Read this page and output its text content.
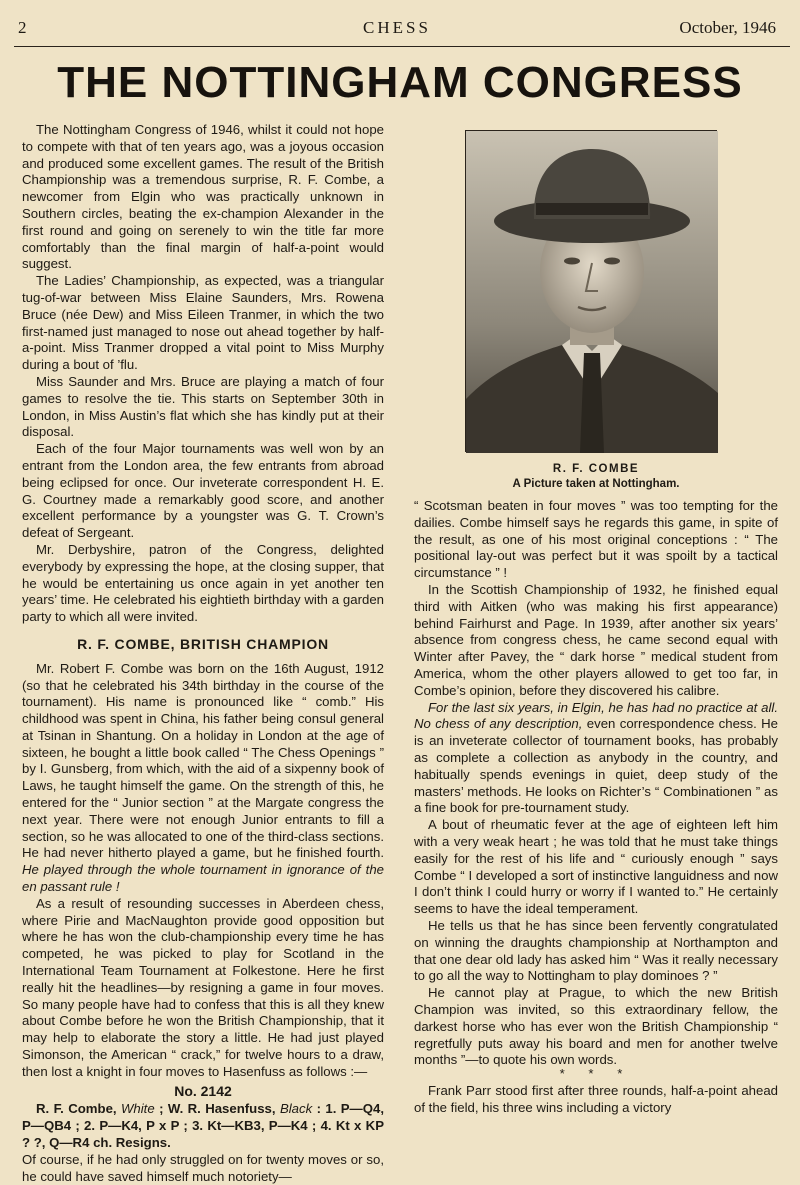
2	CHESS	October, 1946
THE NOTTINGHAM CONGRESS

The Nottingham Congress of 1946, whilst it could not hope to compete with that of ten years ago, was a joyous occasion and produced some excellent games. The result of the British Championship was a tremendous surprise, R. F. Combe, a newcomer from Elgin who was practically unknown in Southern circles, beating the ex-champion Alexander in the first round and going on serenely to win the title far more comfortably than the final margin of half-a-point would suggest.

The Ladies’ Championship, as expected, was a triangular tug-of-war between Miss Elaine Saunders, Mrs. Rowena Bruce (née Dew) and Miss Eileen Tranmer, in which the two first-named just managed to nose out ahead together by half-a-point. Miss Tranmer dropped a vital point to Miss Murphy during a bout of ’flu.

Miss Saunder and Mrs. Bruce are playing a match of four games to resolve the tie. This starts on September 30th in London, in Miss Austin’s flat which she has kindly put at their disposal.

Each of the four Major tournaments was well won by an entrant from the London area, the few entrants from abroad being eclipsed for once. Our inveterate correspondent H. E. G. Courtney made a remarkably good score, and another excellent performance by a youngster was G. T. Crown’s defeat of Sergeant.

Mr. Derbyshire, patron of the Congress, delighted everybody by expressing the hope, at the closing supper, that he would be entertaining us once again in yet another ten years’ time. He celebrated his eightieth birthday with a garden party to which all were invited.

R. F. COMBE, BRITISH CHAMPION

Mr. Robert F. Combe was born on the 16th August, 1912 (so that he celebrated his 34th birthday in the course of the tournament). His name is pronounced like “ comb.” His childhood was spent in China, his father being consul general at Tsinan in Shantung. On a holiday in London at the age of sixteen, he bought a little book called “ The Chess Openings ” by I. Gunsberg, from which, with the aid of a sixpenny book of Laws, he taught himself the game. On the strength of this, he entered for the “ Junior section ” at the Margate congress the next year. There were not enough Junior entrants to fill a section, so he was allocated to one of the third-class sections. He had never hitherto played a game, but he finished fourth. He played through the whole tournament in ignorance of the en passant rule !

As a result of resounding successes in Aberdeen chess, where Pirie and MacNaughton provide good opposition but where he has won the club-championship every time he has competed, he was picked to play for Scotland in the International Team Tournament at Folkestone. Here he first really hit the headlines—by resigning a game in four moves. So many people have had to confess that this is all they knew about Combe before he won the British Championship, that it may help to elaborate the story a little. He had just played Simonson, the American “ crack,” for twelve hours to a draw, then lost a knight in four moves to Hasenfuss as follows :—

No. 2142

R. F. Combe, White ; W. R. Hasenfuss, Black : 1. P—Q4, P—QB4 ; 2. P—K4, P x P ; 3. Kt—KB3, P—K4 ; 4. Kt x KP ? ?, Q—R4 ch. Resigns.

Of course, if he had only struggled on for twenty moves or so, he could have saved himself much notoriety—

R. F. COMBE
A Picture taken at Nottingham.

“ Scotsman beaten in four moves ” was too tempting for the dailies. Combe himself says he regards this game, in spite of the result, as one of his most original conceptions : “ The positional lay-out was perfect but it was spoilt by a tactical circumstance ” !

In the Scottish Championship of 1932, he finished equal third with Aitken (who was making his first appearance) behind Fairhurst and Page. In 1939, after another six years’ absence from congress chess, he came second equal with Winter after Pavey, the “ dark horse ” medical student from America, whom the other players allowed to get too far, in Combe’s opinion, before they discovered his calibre.

For the last six years, in Elgin, he has had no practice at all. No chess of any description, even correspondence chess. He is an inveterate collector of tournament books, has probably as complete a collection as anybody in the country, and habitually spends evenings in quiet, deep study of the masters’ methods. He looks on Richter’s “ Combinationen ” as a fine book for pre-tournament study.

A bout of rheumatic fever at the age of eighteen left him with a very weak heart ; he was told that he must take things easily for the rest of his life and “ curiously enough ” says Combe “ I developed a sort of instinctive languidness and now I don’t think I could hurry or worry if I wanted to.” He certainly seems to have the ideal temperament.

He tells us that he has since been fervently congratulated on winning the draughts championship at Northampton and that one dear old lady has asked him “ Was it really necessary to go all the way to Nottingham to play dominoes ? ”

He cannot play at Prague, to which the new British Champion was invited, so this extraordinary fellow, the darkest horse who has ever won the British Championship “ regretfully puts away his board and men for another twelve months ”—to quote his own words.

* * *

Frank Parr stood first after three rounds, half-a-point ahead of the field, his three wins including a victory
